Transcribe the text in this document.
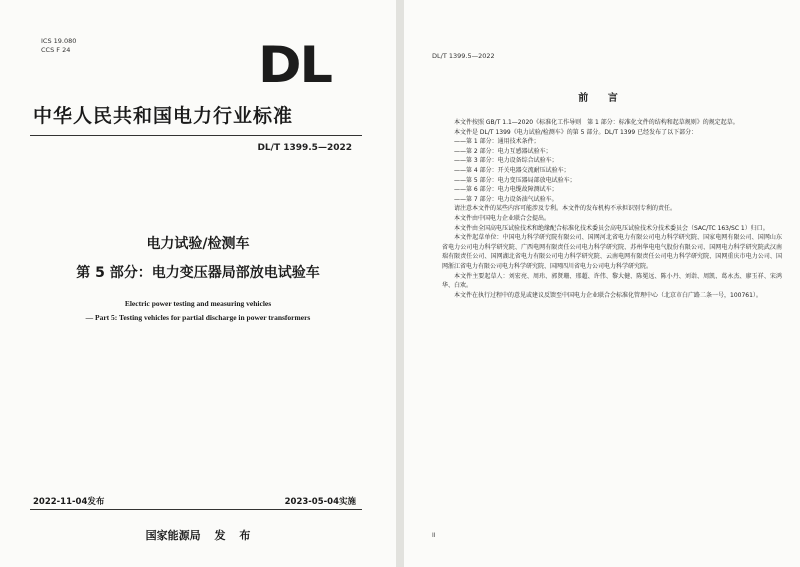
ICS 19.080
CCS F 24	DL
中华人民共和国电力行业标准
DL/T 1399.5—2022
电力试验/检测车
第 5 部分：电力变压器局部放电试验车
Electric power testing and measuring vehicles
— Part 5: Testing vehicles for partial discharge in power transformers
2022-11-04发布	2023-05-04实施
国家能源局 发 布
DL/T 1399.5—2022
前 言

本文件按照 GB/T 1.1—2020《标准化工作导则　第 1 部分：标准化文件的结构和起草规则》的规定起草。

本文件是 DL/T 1399《电力试验/检测车》的第 5 部分。DL/T 1399 已经发布了以下部分：

——第 1 部分：通用技术条件；

——第 2 部分：电力互感器试验车；

——第 3 部分：电力设备综合试验车；

——第 4 部分：开关电器交流耐压试验车；

——第 5 部分：电力变压器局部放电试验车；

——第 6 部分：电力电缆故障测试车；

——第 7 部分：电力设备油气试验车。

请注意本文件的某些内容可能涉及专利。本文件的发布机构不承担识别专利的责任。

本文件由中国电力企业联合会提出。

本文件由全国高电压试验技术和绝缘配合标准化技术委员会高电压试验技术分技术委员会（SAC/TC 163/SC 1）归口。

本文件起草单位：中国电力科学研究院有限公司、国网河北省电力有限公司电力科学研究院、国家电网有限公司、国网山东省电力公司电力科学研究院、广西电网有限责任公司电力科学研究院、苏州华电电气股份有限公司、国网电力科学研究院武汉南瑞有限责任公司、国网湖北省电力有限公司电力科学研究院、云南电网有限责任公司电力科学研究院、国网重庆市电力公司、国网浙江省电力有限公司电力科学研究院、国网四川省电力公司电力科学研究院。

本文件主要起草人：刘宏亮、周玮、郭贤珊、邢超、许伟、黎大健、陈冕远、陈小丹、刘诣、周凯、葛永杰、廖玉祥、宋鸿华、白欢。

本文件在执行过程中的意见或建议反馈至中国电力企业联合会标准化管理中心（北京市白广路二条一号，100761）。

II
